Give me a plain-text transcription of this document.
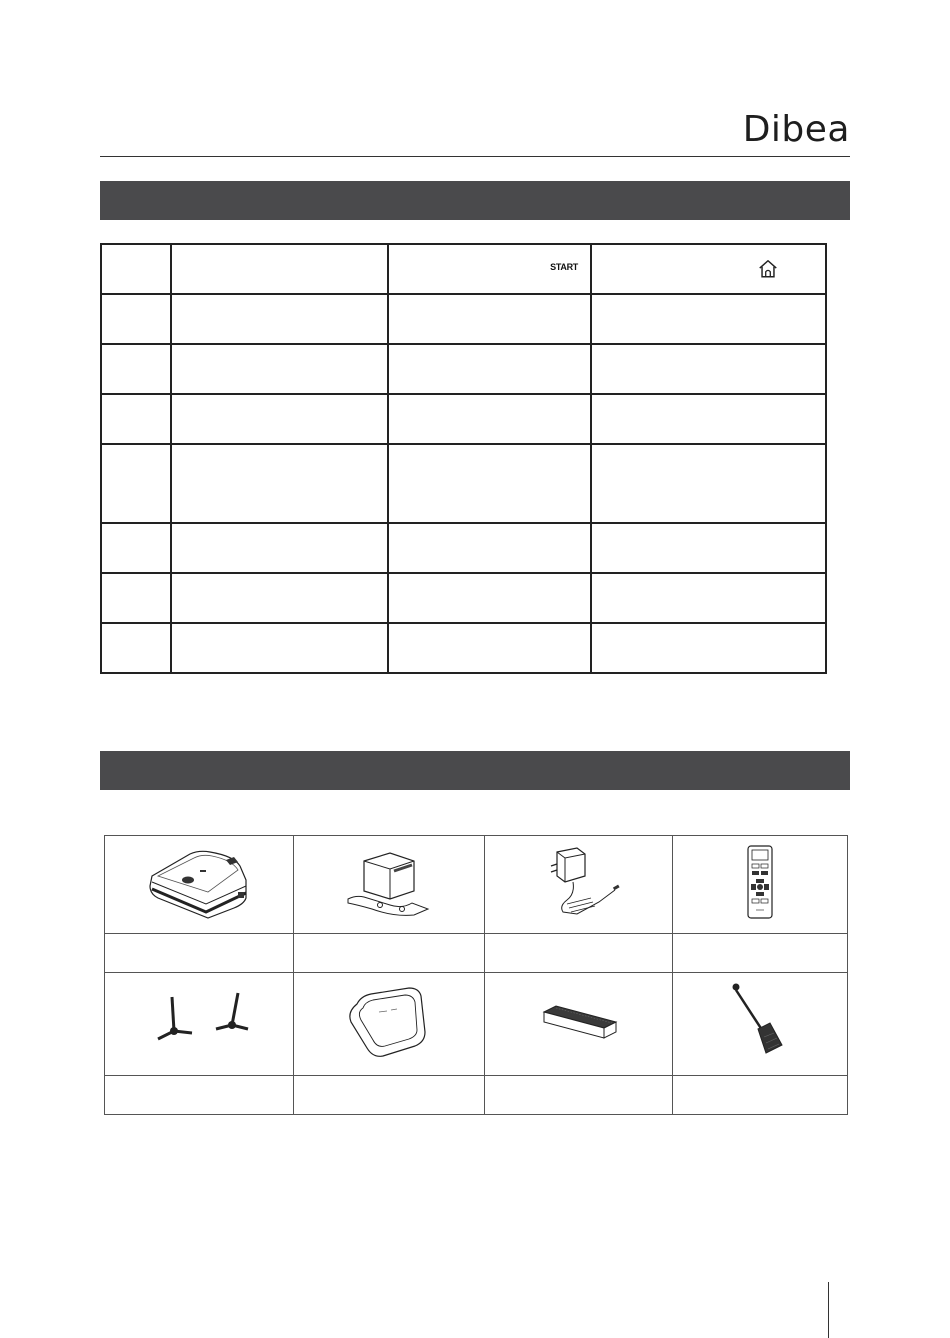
Dibea

		START
